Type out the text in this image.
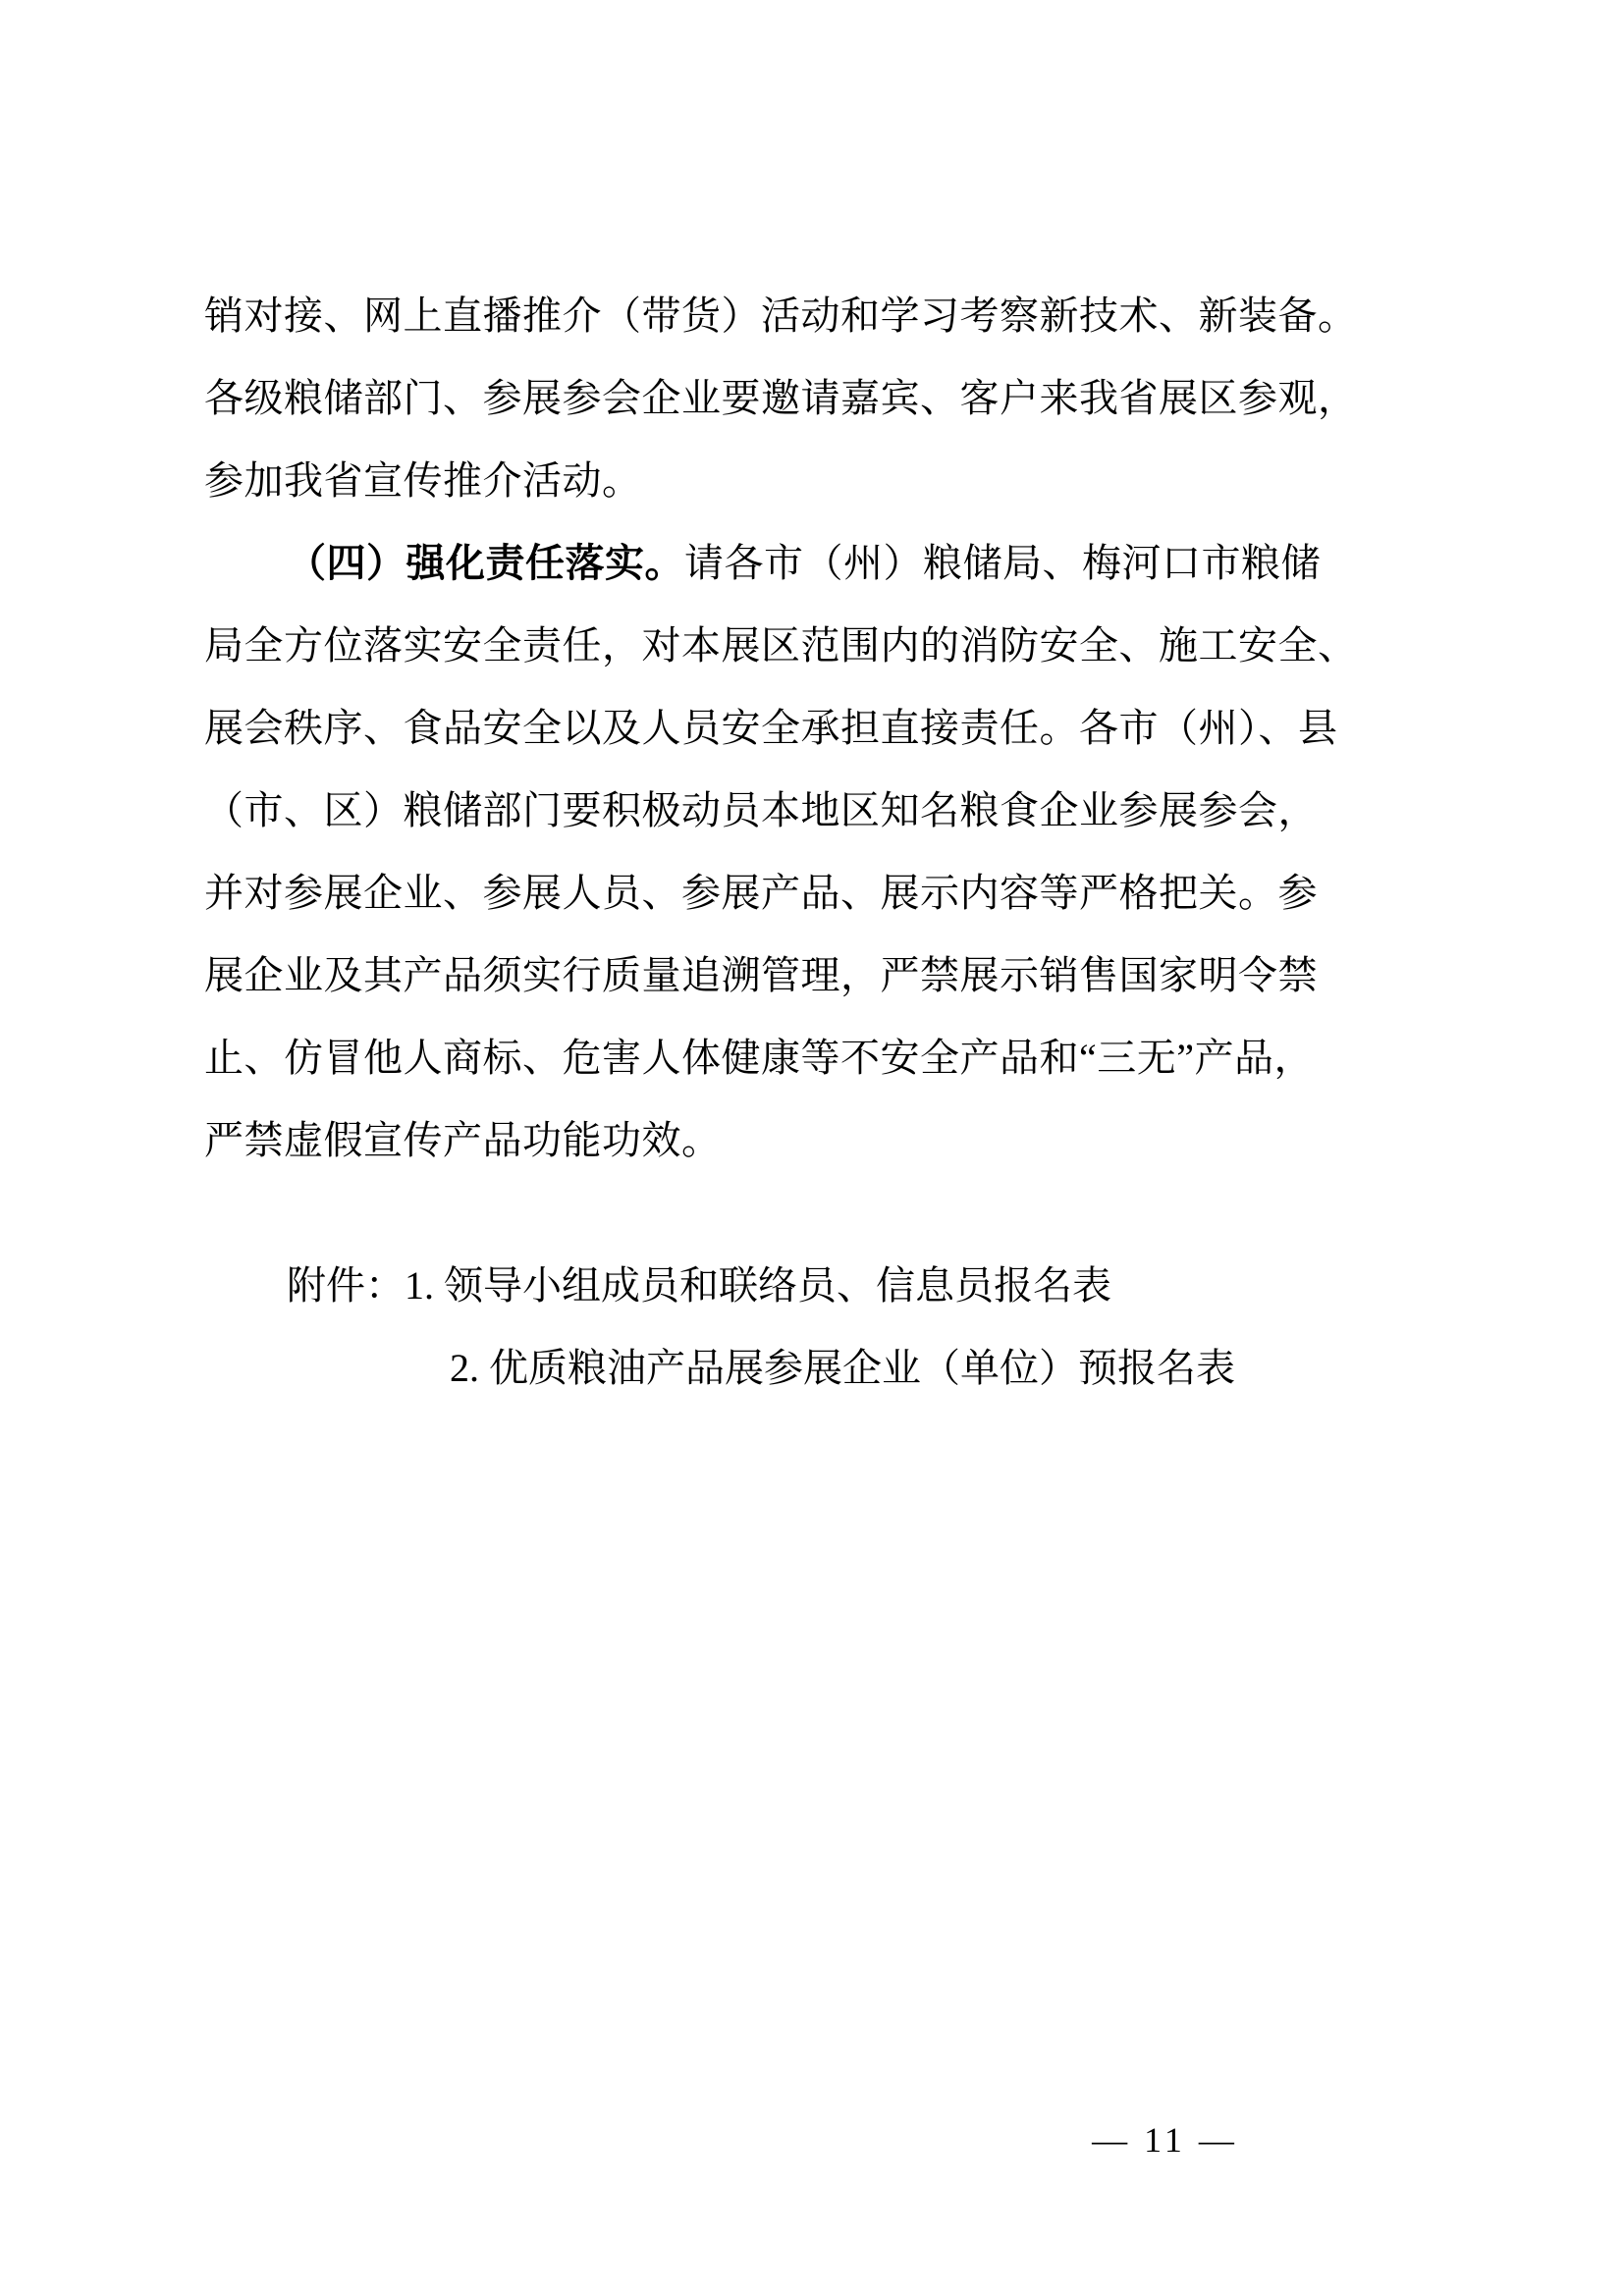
销对接、网上直播推介（带货）活动和学习考察新技术、新装备。

各级粮储部门、参展参会企业要邀请嘉宾、客户来我省展区参观，

参加我省宣传推介活动。

（四）强化责任落实。请各市（州）粮储局、梅河口市粮储

局全方位落实安全责任，对本展区范围内的消防安全、施工安全、

展会秩序、食品安全以及人员安全承担直接责任。各市（州）、县

（市、区）粮储部门要积极动员本地区知名粮食企业参展参会，

并对参展企业、参展人员、参展产品、展示内容等严格把关。参

展企业及其产品须实行质量追溯管理，严禁展示销售国家明令禁

止、仿冒他人商标、危害人体健康等不安全产品和“三无”产品，

严禁虚假宣传产品功能功效。

附件：1. 领导小组成员和联络员、信息员报名表

2. 优质粮油产品展参展企业（单位）预报名表

— 11 —
